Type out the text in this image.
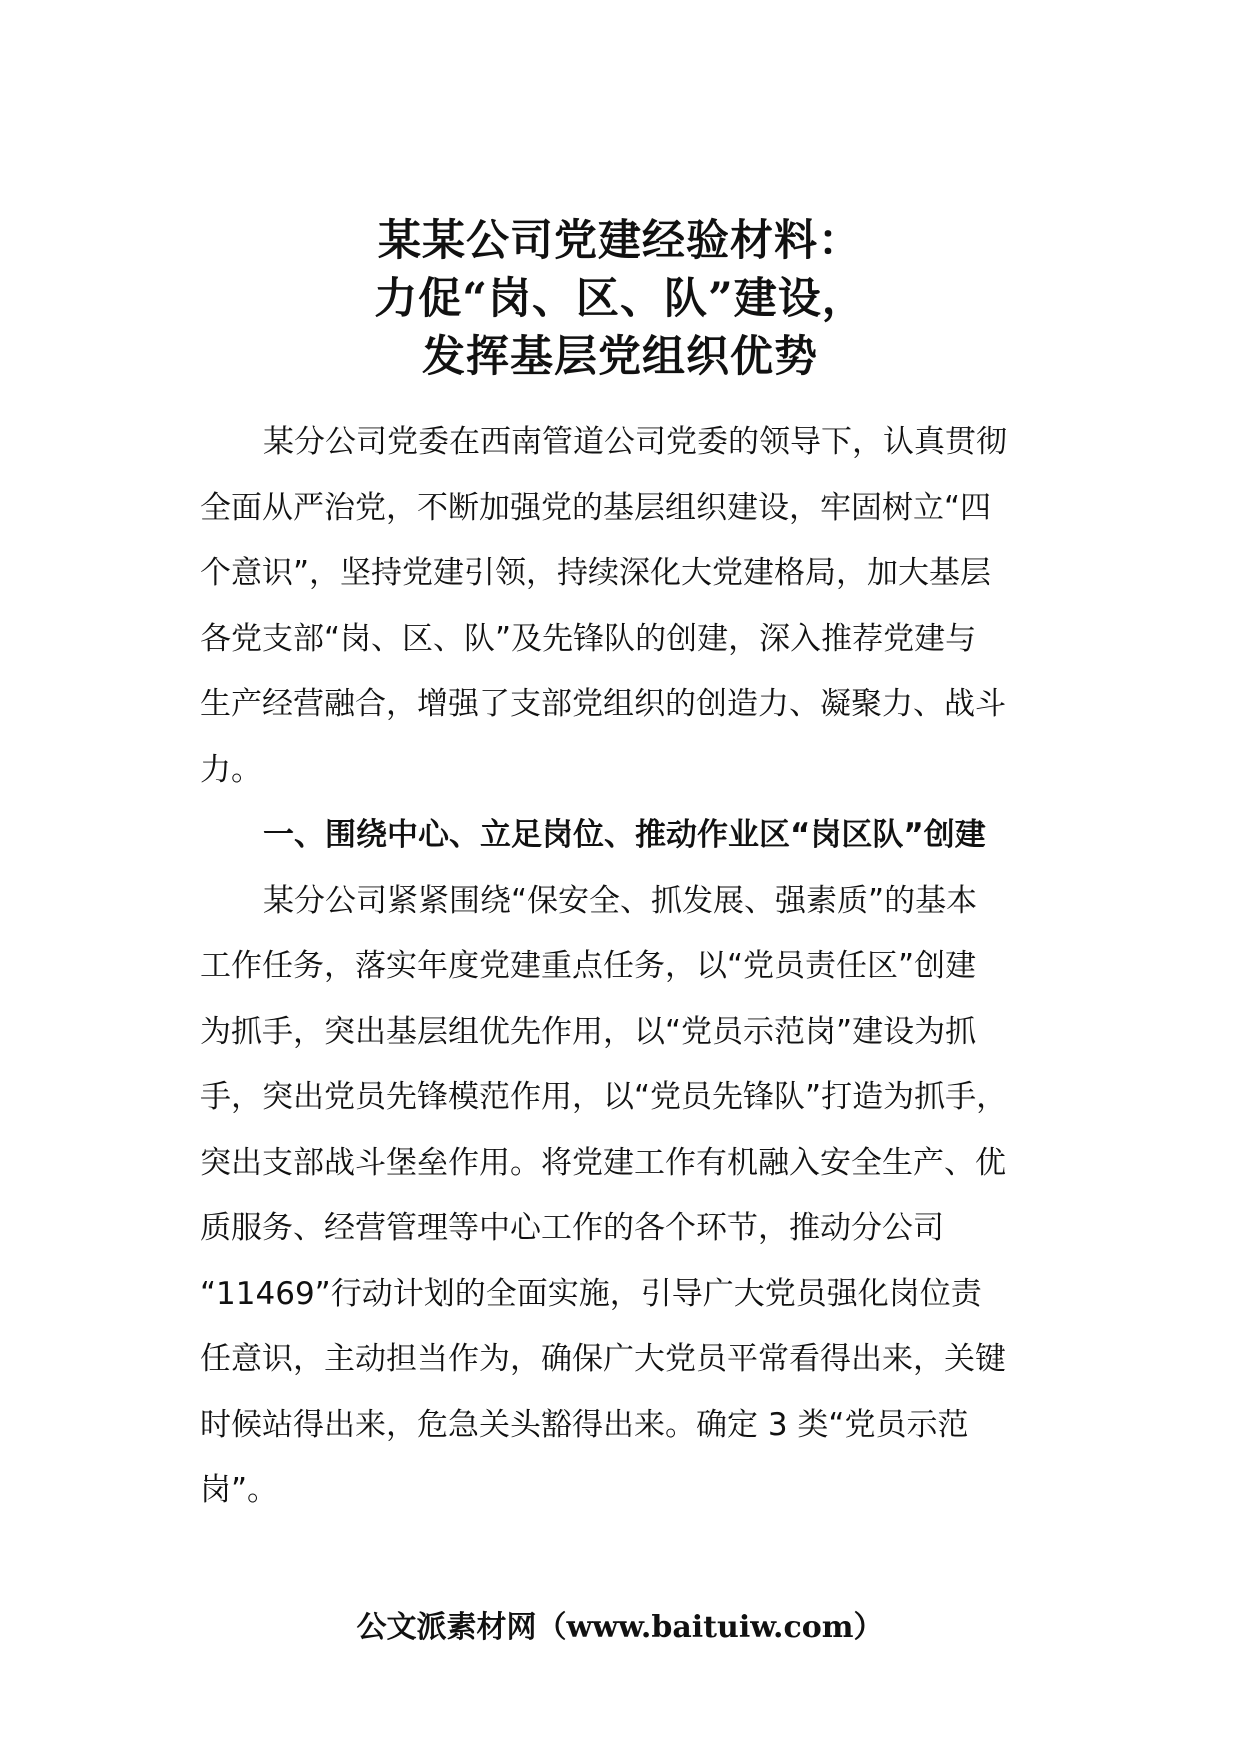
某某公司党建经验材料：
力促“岗、区、队”建设，
发挥基层党组织优势
某分公司党委在西南管道公司党委的领导下，认真贯彻
全面从严治党，不断加强党的基层组织建设，牢固树立“四
个意识”，坚持党建引领，持续深化大党建格局，加大基层
各党支部“岗、区、队”及先锋队的创建，深入推荐党建与
生产经营融合，增强了支部党组织的创造力、凝聚力、战斗
力。
一、围绕中心、立足岗位、推动作业区“岗区队”创建
某分公司紧紧围绕“保安全、抓发展、强素质”的基本
工作任务，落实年度党建重点任务，以“党员责任区”创建
为抓手，突出基层组优先作用，以“党员示范岗”建设为抓
手，突出党员先锋模范作用，以“党员先锋队”打造为抓手，
突出支部战斗堡垒作用。将党建工作有机融入安全生产、优
质服务、经营管理等中心工作的各个环节，推动分公司
“11469”行动计划的全面实施，引导广大党员强化岗位责
任意识，主动担当作为，确保广大党员平常看得出来，关键
时候站得出来，危急关头豁得出来。确定 3 类“党员示范
岗”。
公文派素材网（www.baituiw.com）
